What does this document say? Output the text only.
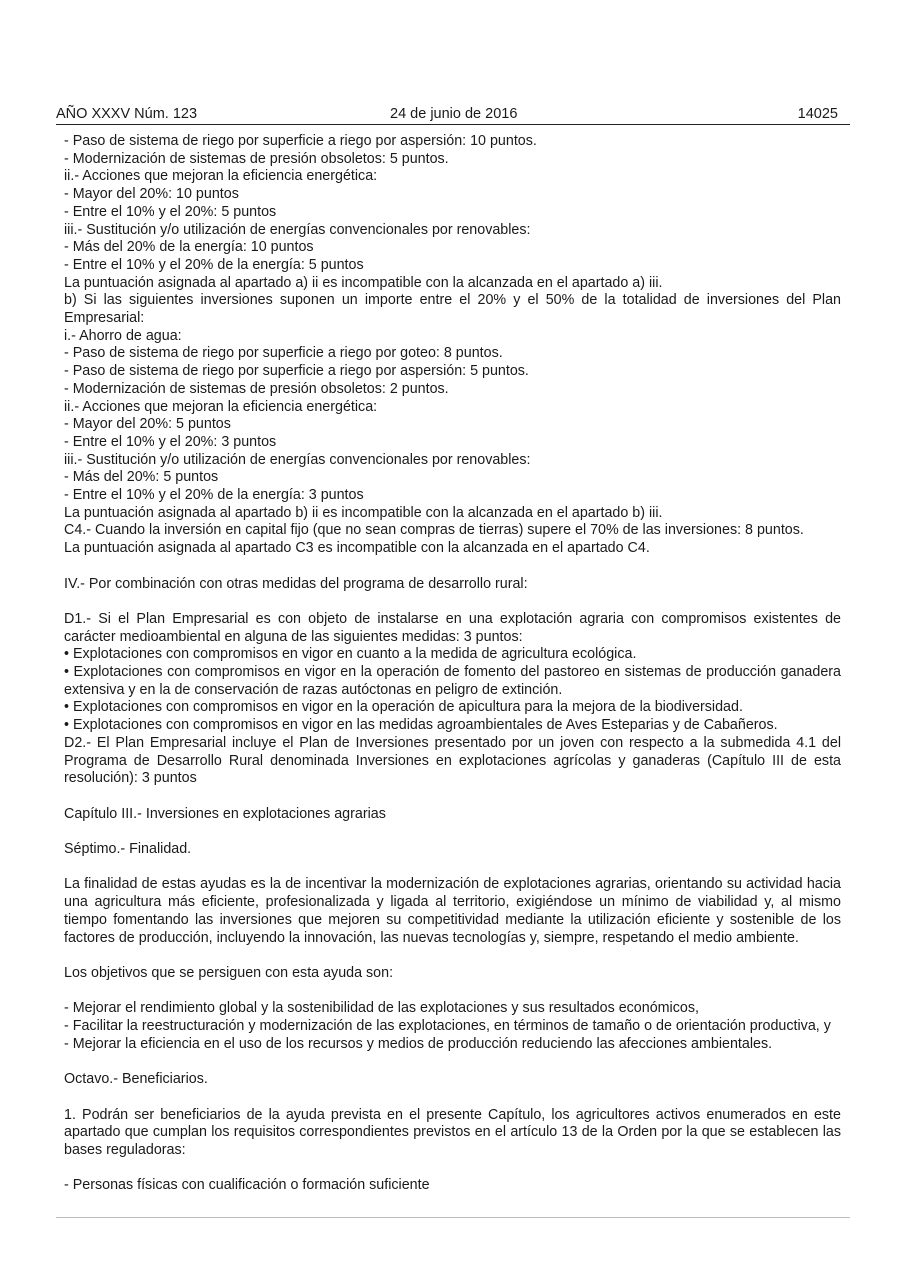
AÑO XXXV Núm. 123	24 de junio de 2016	14025

- Paso de sistema de riego por superficie a riego por aspersión: 10 puntos.

- Modernización de sistemas de presión obsoletos: 5 puntos.

ii.- Acciones que mejoran la eficiencia energética:

- Mayor del 20%: 10 puntos

- Entre el 10% y el 20%: 5 puntos

iii.- Sustitución y/o utilización de energías convencionales por renovables:

- Más del 20% de la energía: 10 puntos

- Entre el 10% y el 20% de la energía: 5 puntos

La puntuación asignada al apartado a) ii es incompatible con la alcanzada en el apartado a) iii.

b) Si las siguientes inversiones suponen un importe entre el 20% y el 50% de la totalidad de inversiones del Plan Empresarial:

i.- Ahorro de agua:

- Paso de sistema de riego por superficie a riego por goteo: 8 puntos.

- Paso de sistema de riego por superficie a riego por aspersión: 5 puntos.

- Modernización de sistemas de presión obsoletos: 2 puntos.

ii.- Acciones que mejoran la eficiencia energética:

- Mayor del 20%: 5 puntos

- Entre el 10% y el 20%: 3 puntos

iii.- Sustitución y/o utilización de energías convencionales por renovables:

- Más del 20%: 5 puntos

- Entre el 10% y el 20% de la energía: 3 puntos

La puntuación asignada al apartado b) ii es incompatible con la alcanzada en el apartado b) iii.

C4.- Cuando la inversión en capital fijo (que no sean compras de tierras) supere el 70% de las inversiones: 8 puntos.

La puntuación asignada al apartado C3 es incompatible con la alcanzada en el apartado C4.

IV.- Por combinación con otras medidas del programa de desarrollo rural:

D1.- Si el Plan Empresarial es con objeto de instalarse en una explotación agraria con compromisos existentes de carácter medioambiental en alguna de las siguientes medidas: 3 puntos:

• Explotaciones con compromisos en vigor en cuanto a la medida de agricultura ecológica.

• Explotaciones con compromisos en vigor en la operación de fomento del pastoreo en sistemas de producción ganadera extensiva y en la de conservación de razas autóctonas en peligro de extinción.

• Explotaciones con compromisos en vigor en la operación de apicultura para la mejora de la biodiversidad.

• Explotaciones con compromisos en vigor en las medidas agroambientales de Aves Esteparias y de Cabañeros.

D2.- El Plan Empresarial incluye el Plan de Inversiones presentado por un joven con respecto a la submedida 4.1 del Programa de Desarrollo Rural denominada Inversiones en explotaciones agrícolas y ganaderas (Capítulo III de esta resolución): 3 puntos

Capítulo III.- Inversiones en explotaciones agrarias

Séptimo.- Finalidad.

La finalidad de estas ayudas es la de incentivar la modernización de explotaciones agrarias, orientando su actividad hacia una agricultura más eficiente, profesionalizada y ligada al territorio, exigiéndose un mínimo de viabilidad y, al mismo tiempo fomentando las inversiones que mejoren su competitividad mediante la utilización eficiente y sostenible de los factores de producción, incluyendo la innovación, las nuevas tecnologías y, siempre, respetando el medio ambiente.

Los objetivos que se persiguen con esta ayuda son:

- Mejorar el rendimiento global y la sostenibilidad de las explotaciones y sus resultados económicos,

- Facilitar la reestructuración y modernización de las explotaciones, en términos de tamaño o de orientación productiva, y

- Mejorar la eficiencia en el uso de los recursos y medios de producción reduciendo las afecciones ambientales.

Octavo.- Beneficiarios.

1. Podrán ser beneficiarios de la ayuda prevista en el presente Capítulo, los agricultores activos enumerados en este apartado que cumplan los requisitos correspondientes previstos en el artículo 13 de la Orden por la que se establecen las bases reguladoras:

- Personas físicas con cualificación o formación suficiente
